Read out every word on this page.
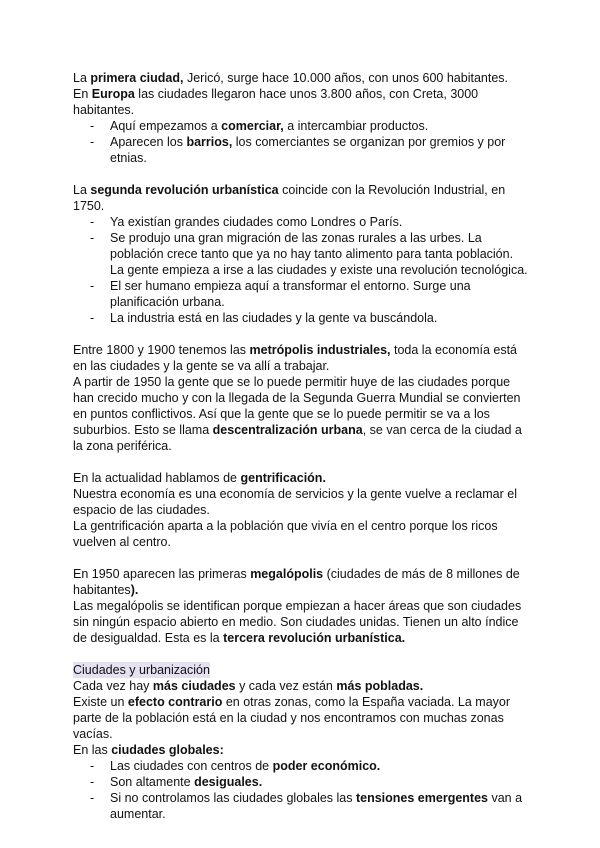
La primera ciudad, Jericó, surge hace 10.000 años, con unos 600 habitantes.

En Europa las ciudades llegaron hace unos 3.800 años, con Creta, 3000 habitantes.

- Aquí empezamos a comerciar, a intercambiar productos.
- Aparecen los barrios, los comerciantes se organizan por gremios y por etnias.

La segunda revolución urbanística coincide con la Revolución Industrial, en 1750.

- Ya existían grandes ciudades como Londres o París.
- Se produjo una gran migración de las zonas rurales a las urbes. La población crece tanto que ya no hay tanto alimento para tanta población. La gente empieza a irse a las ciudades y existe una revolución tecnológica.
- El ser humano empieza aquí a transformar el entorno. Surge una planificación urbana.
- La industria está en las ciudades y la gente va buscándola.

Entre 1800 y 1900 tenemos las metrópolis industriales, toda la economía está en las ciudades y la gente se va allí a trabajar.

A partir de 1950 la gente que se lo puede permitir huye de las ciudades porque han crecido mucho y con la llegada de la Segunda Guerra Mundial se convierten en puntos conflictivos. Así que la gente que se lo puede permitir se va a los suburbios. Esto se llama descentralización urbana, se van cerca de la ciudad a la zona periférica.

En la actualidad hablamos de gentrificación.

Nuestra economía es una economía de servicios y la gente vuelve a reclamar el espacio de las ciudades.

La gentrificación aparta a la población que vivía en el centro porque los ricos vuelven al centro.

En 1950 aparecen las primeras megalópolis (ciudades de más de 8 millones de habitantes).

Las megalópolis se identifican porque empiezan a hacer áreas que son ciudades sin ningún espacio abierto en medio. Son ciudades unidas. Tienen un alto índice de desigualdad. Esta es la tercera revolución urbanística.

Ciudades y urbanización

Cada vez hay más ciudades y cada vez están más pobladas.

Existe un efecto contrario en otras zonas, como la España vaciada. La mayor parte de la población está en la ciudad y nos encontramos con muchas zonas vacías.

En las ciudades globales:

- Las ciudades con centros de poder económico.
- Son altamente desiguales.
- Si no controlamos las ciudades globales las tensiones emergentes van a aumentar.
